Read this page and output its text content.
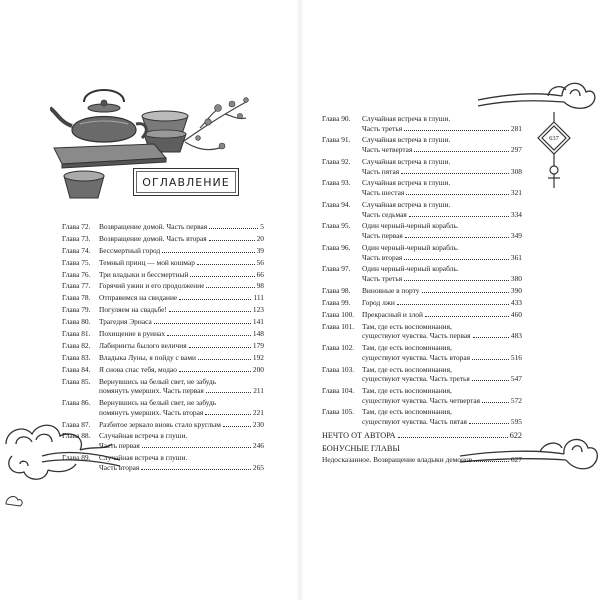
ОГЛАВЛЕНИЕ
Глава 72.	Возвращение домой. Часть первая	5
Глава 73.	Возвращение домой. Часть вторая	20
Глава 74.	Бессмертный город	39
Глава 75.	Темный принц — мой кошмар	56
Глава 76.	Три владыки и бессмертный	66
Глава 77.	Горячий ужин и его продолжение	98
Глава 78.	Отправимся на свидание	111
Глава 79.	Погуляем на свадьбе!	123
Глава 80.	Трагедия Эрнаса	141
Глава 81.	Похищение в руинах	148
Глава 82.	Лабиринты былого величия	179
Глава 83.	Владыка Луны, я пойду с вами	192
Глава 84.	Я снова спас тебя, модао	200
Глава 85.	Вернувшись на белый свет, не забудь
помянуть умерших. Часть первая	211
Глава 86.	Вернувшись на белый свет, не забудь
помянуть умерших. Часть вторая	221
Глава 87.	Разбитое зеркало вновь стало круглым	230
Глава 88.	Случайная встреча в глуши.
Часть первая	246
Глава 89.	Случайная встреча в глуши.
Часть вторая	265
637
Глава 90.	Случайная встреча в глуши.
Часть третья	281
Глава 91.	Случайная встреча в глуши.
Часть четвертая	297
Глава 92.	Случайная встреча в глуши.
Часть пятая	308
Глава 93.	Случайная встреча в глуши.
Часть шестая	321
Глава 94.	Случайная встреча в глуши.
Часть седьмая	334
Глава 95.	Один черный-черный корабль.
Часть первая	349
Глава 96.	Один черный-черный корабль.
Часть вторая	361
Глава 97.	Один черный-черный корабль.
Часть третья	380
Глава 98.	Виновные в порту	390
Глава 99.	Город лжи	433
Глава 100.	Прекрасный и злой	460
Глава 101.	Там, где есть воспоминания,
существуют чувства. Часть первая	483
Глава 102.	Там, где есть воспоминания,
существуют чувства. Часть вторая	516
Глава 103.	Там, где есть воспоминания,
существуют чувства. Часть третья	547
Глава 104.	Там, где есть воспоминания,
существуют чувства. Часть четвертая	572
Глава 105.	Там, где есть воспоминания,
существуют чувства. Часть пятая	595
НЕЧТО ОТ АВТОРА	622
БОНУСНЫЕ ГЛАВЫ
Недосказанное. Возвращение владыки демонов	627
